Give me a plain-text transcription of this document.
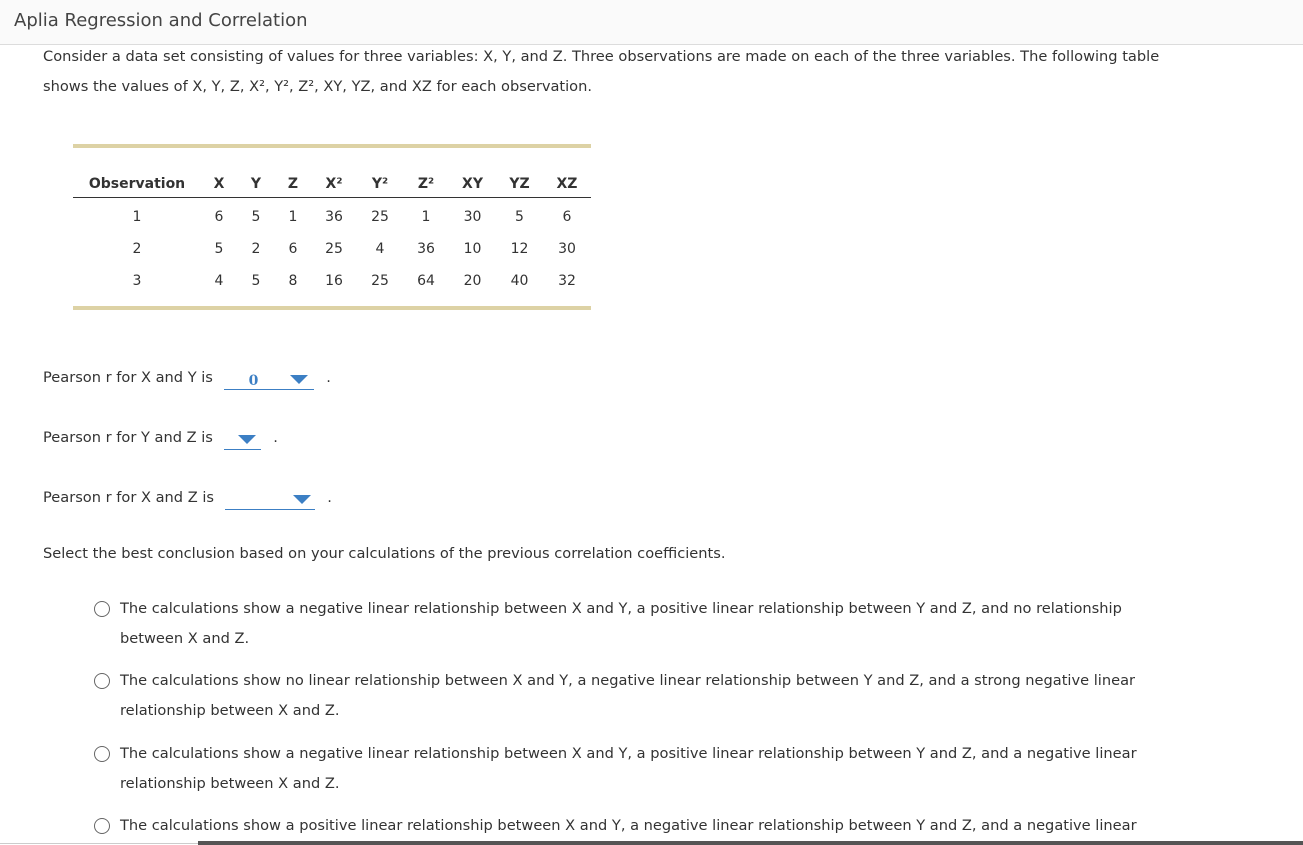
Aplia Regression and Correlation
Consider a data set consisting of values for three variables: X, Y, and Z. Three observations are made on each of the three variables. The following table shows the values of X, Y, Z, X², Y², Z², XY, YZ, and XZ for each observation.
Observation	X	Y	Z	X²	Y²	Z²	XY	YZ	XZ
1	6	5	1	36	25	1	30	5	6
2	5	2	6	25	4	36	10	12	30
3	4	5	8	16	25	64	20	40	32
Pearson r for X and Y is	0	.
Pearson r for Y and Z is	.
Pearson r for X and Z is	.
Select the best conclusion based on your calculations of the previous correlation coefficients.
The calculations show a negative linear relationship between X and Y, a positive linear relationship between Y and Z, and no relationship between X and Z.
The calculations show no linear relationship between X and Y, a negative linear relationship between Y and Z, and a strong negative linear relationship between X and Z.
The calculations show a negative linear relationship between X and Y, a positive linear relationship between Y and Z, and a negative linear relationship between X and Z.
The calculations show a positive linear relationship between X and Y, a negative linear relationship between Y and Z, and a negative linear
